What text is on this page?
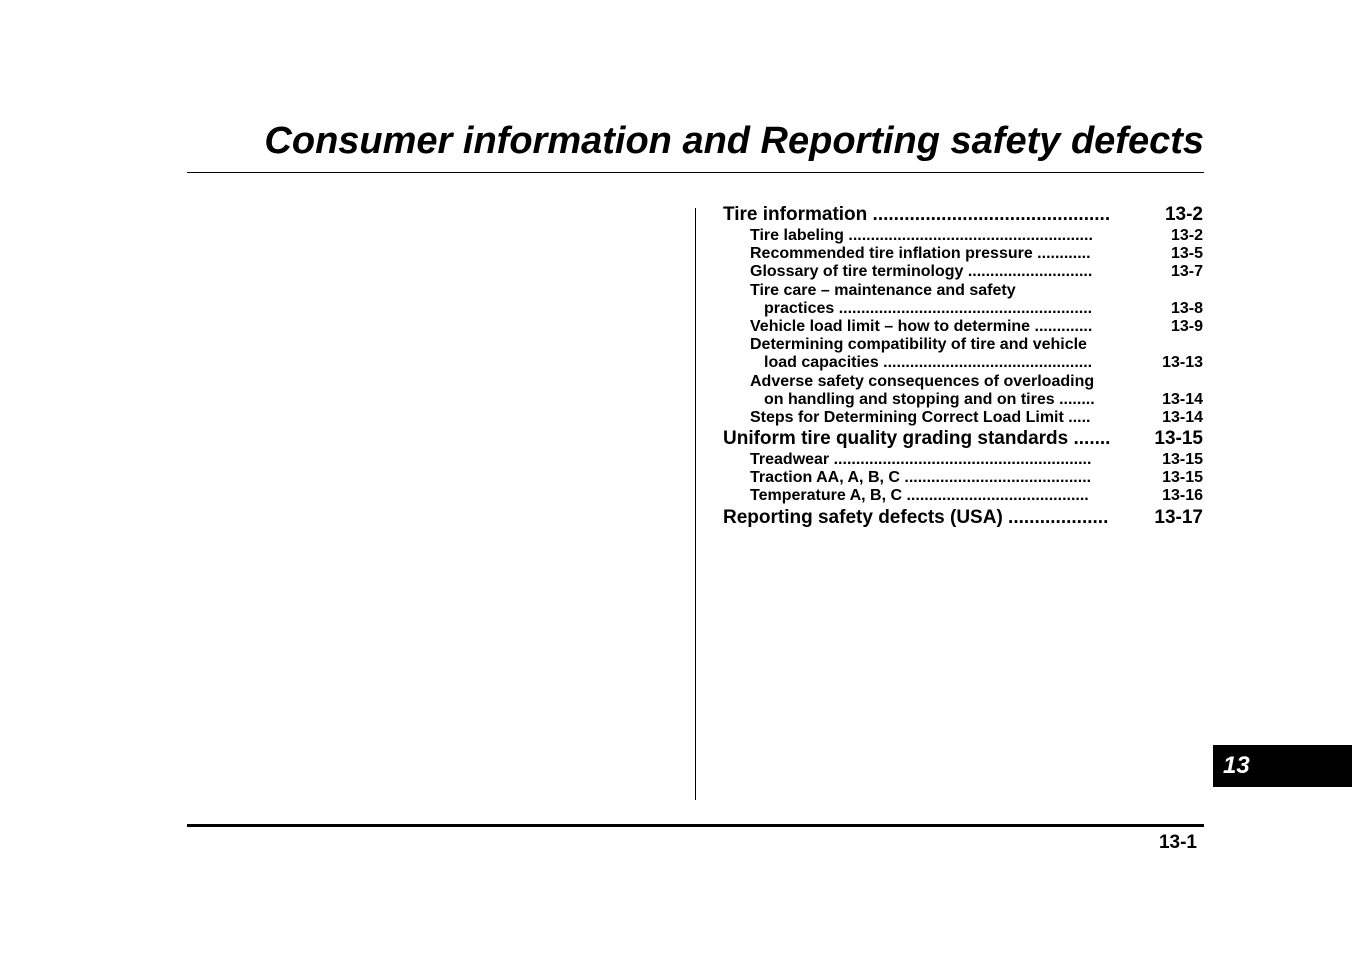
Consumer information and Reporting safety defects
Tire information .............................................	13-2
Tire labeling .......................................................	13-2
Recommended tire inflation pressure ............	13-5
Glossary of tire terminology ............................	13-7
Tire care – maintenance and safety
practices .........................................................	13-8
Vehicle load limit – how to determine .............	13-9
Determining compatibility of tire and vehicle
load capacities ...............................................	13-13
Adverse safety consequences of overloading
on handling and stopping and on tires ........	13-14
Steps for Determining Correct Load Limit .....	13-14
Uniform tire quality grading standards ....... 13-15
Treadwear ..........................................................	13-15
Traction AA, A, B, C ..........................................	13-15
Temperature A, B, C .........................................	13-16
Reporting safety defects (USA) ................... 13-17
13-1
13
